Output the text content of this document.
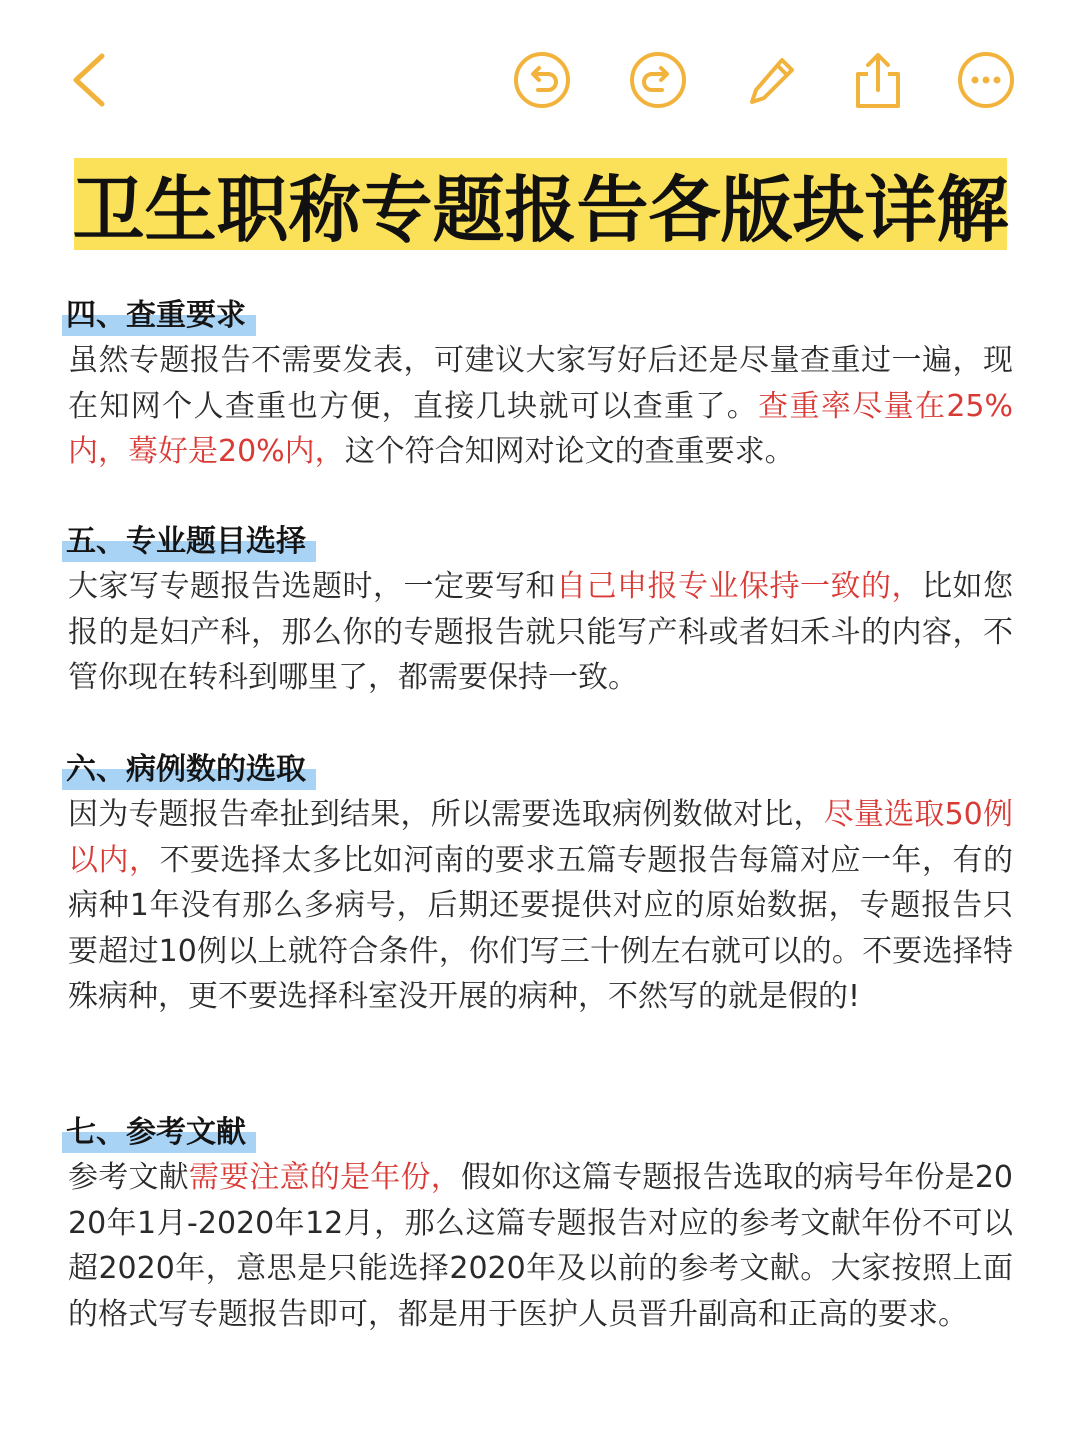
卫生职称专题报告各版块详解
四、查重要求
虽然专题报告不需要发表，可建议大家写好后还是尽量查重过一遍，现在知网个人查重也方便，直接几块就可以查重了。查重率尽量在25%内，蓦好是20%内，这个符合知网对论文的查重要求。
五、专业题目选择
大家写专题报告选题时，一定要写和自己申报专业保持一致的，比如您报的是妇产科，那么你的专题报告就只能写产科或者妇禾斗的内容，不管你现在转科到哪里了，都需要保持一致。
六、病例数的选取
因为专题报告牵扯到结果，所以需要选取病例数做对比，尽量选取50例以内，不要选择太多比如河南的要求五篇专题报告每篇对应一年，有的病种1年没有那么多病号，后期还要提供对应的原始数据，专题报告只要超过10例以上就符合条件，你们写三十例左右就可以的。不要选择特殊病种，更不要选择科室没开展的病种，不然写的就是假的!
七、参考文献
参考文献需要注意的是年份，假如你这篇专题报告选取的病号年份是2020年1月-2020年12月，那么这篇专题报告对应的参考文献年份不可以超2020年，意思是只能选择2020年及以前的参考文献。大家按照上面的格式写专题报告即可，都是用于医护人员晋升副高和正高的要求。
